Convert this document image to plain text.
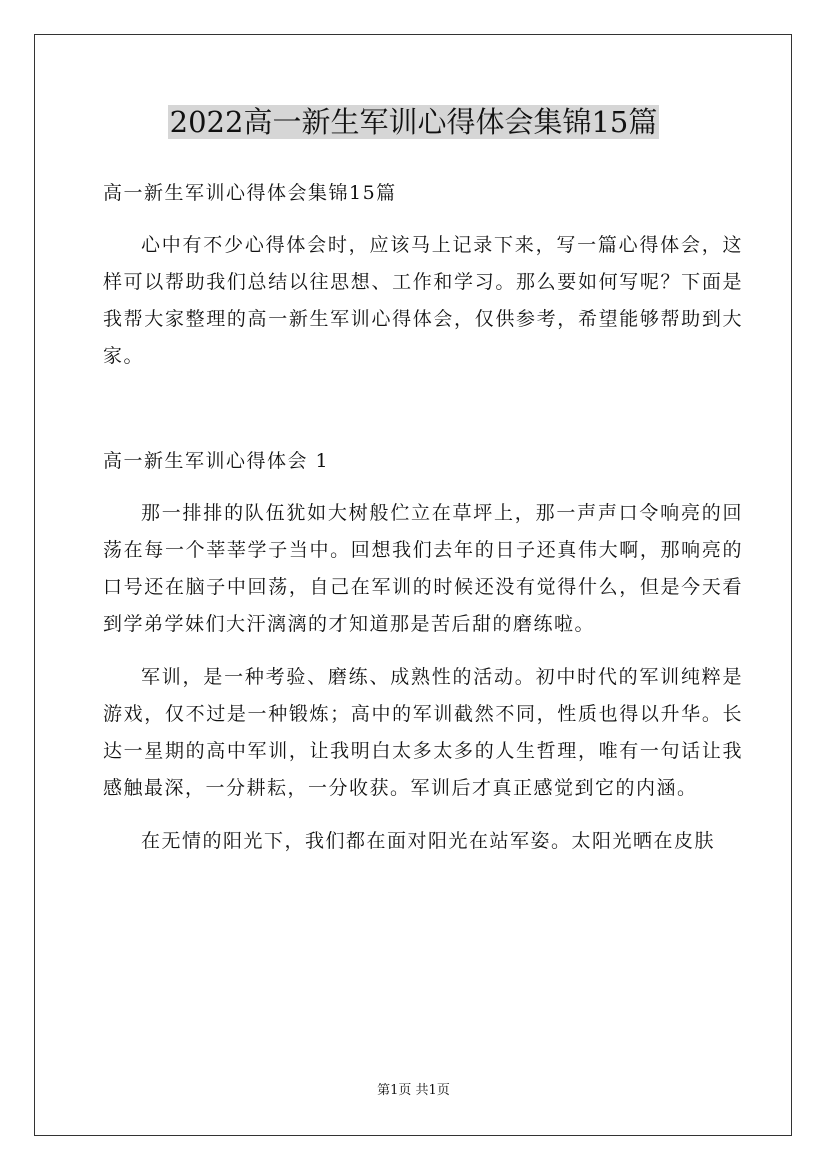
2022高一新生军训心得体会集锦15篇

高一新生军训心得体会集锦15篇

心中有不少心得体会时，应该马上记录下来，写一篇心得体会，这样可以帮助我们总结以往思想、工作和学习。那么要如何写呢？下面是我帮大家整理的高一新生军训心得体会，仅供参考，希望能够帮助到大家。

高一新生军训心得体会 1

那一排排的队伍犹如大树般伫立在草坪上，那一声声口令响亮的回荡在每一个莘莘学子当中。回想我们去年的日子还真伟大啊，那响亮的口号还在脑子中回荡，自己在军训的时候还没有觉得什么，但是今天看到学弟学妹们大汗漓漓的才知道那是苦后甜的磨练啦。

军训，是一种考验、磨练、成熟性的活动。初中时代的军训纯粹是游戏，仅不过是一种锻炼；高中的军训截然不同，性质也得以升华。长达一星期的高中军训，让我明白太多太多的人生哲理，唯有一句话让我感触最深，一分耕耘，一分收获。军训后才真正感觉到它的内涵。

在无情的阳光下，我们都在面对阳光在站军姿。太阳光晒在皮肤

第1页 共1页
